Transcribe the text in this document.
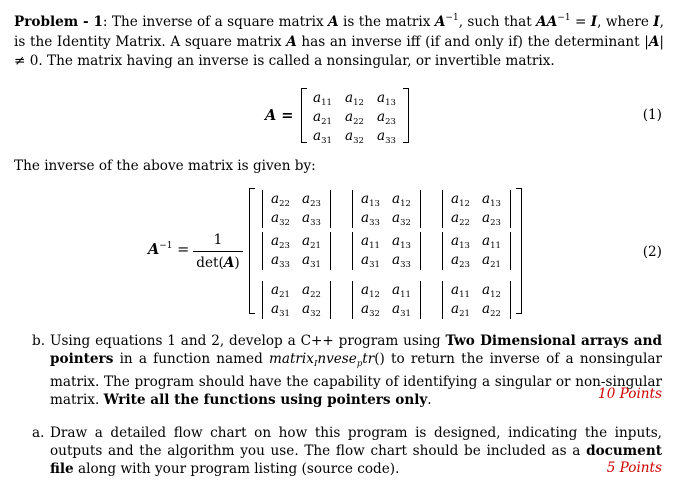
Problem - 1: The inverse of a square matrix A is the matrix $A^{-1}$, such that $AA^{-1} = I$, where I, is the Identity Matrix. A square matrix A has an inverse iff (if and only if) the determinant |A| ≠ 0. The matrix having an inverse is called a nonsingular, or invertible matrix.
A =
$a_{11}$ $a_{12}$ $a_{13}$
$a_{21}$ $a_{22}$ $a_{23}$
$a_{31}$ $a_{32}$ $a_{33}$
(1)
The inverse of the above matrix is given by:
$A^{-1}$ =
1
det(A)
$a_{22}$ $a_{23}$
$a_{32}$ $a_{33}$
$a_{13}$ $a_{12}$
$a_{33}$ $a_{32}$
$a_{12}$ $a_{13}$
$a_{22}$ $a_{23}$
$a_{23}$ $a_{21}$
$a_{33}$ $a_{31}$
$a_{11}$ $a_{13}$
$a_{31}$ $a_{33}$
$a_{13}$ $a_{11}$
$a_{23}$ $a_{21}$
$a_{21}$ $a_{22}$
$a_{31}$ $a_{32}$
$a_{12}$ $a_{11}$
$a_{32}$ $a_{31}$
$a_{11}$ $a_{12}$
$a_{21}$ $a_{22}$
(2)
b. Using equations 1 and 2, develop a C++ program using Two Dimensional arrays and pointers in a function named matrix$_I$nvese$_p$tr() to return the inverse of a nonsingular matrix. The program should have the capability of identifying a singular or non-singular matrix. Write all the functions using pointers only.	10 Points
a. Draw a detailed flow chart on how this program is designed, indicating the inputs, outputs and the algorithm you use. The flow chart should be included as a document file along with your program listing (source code).	5 Points
